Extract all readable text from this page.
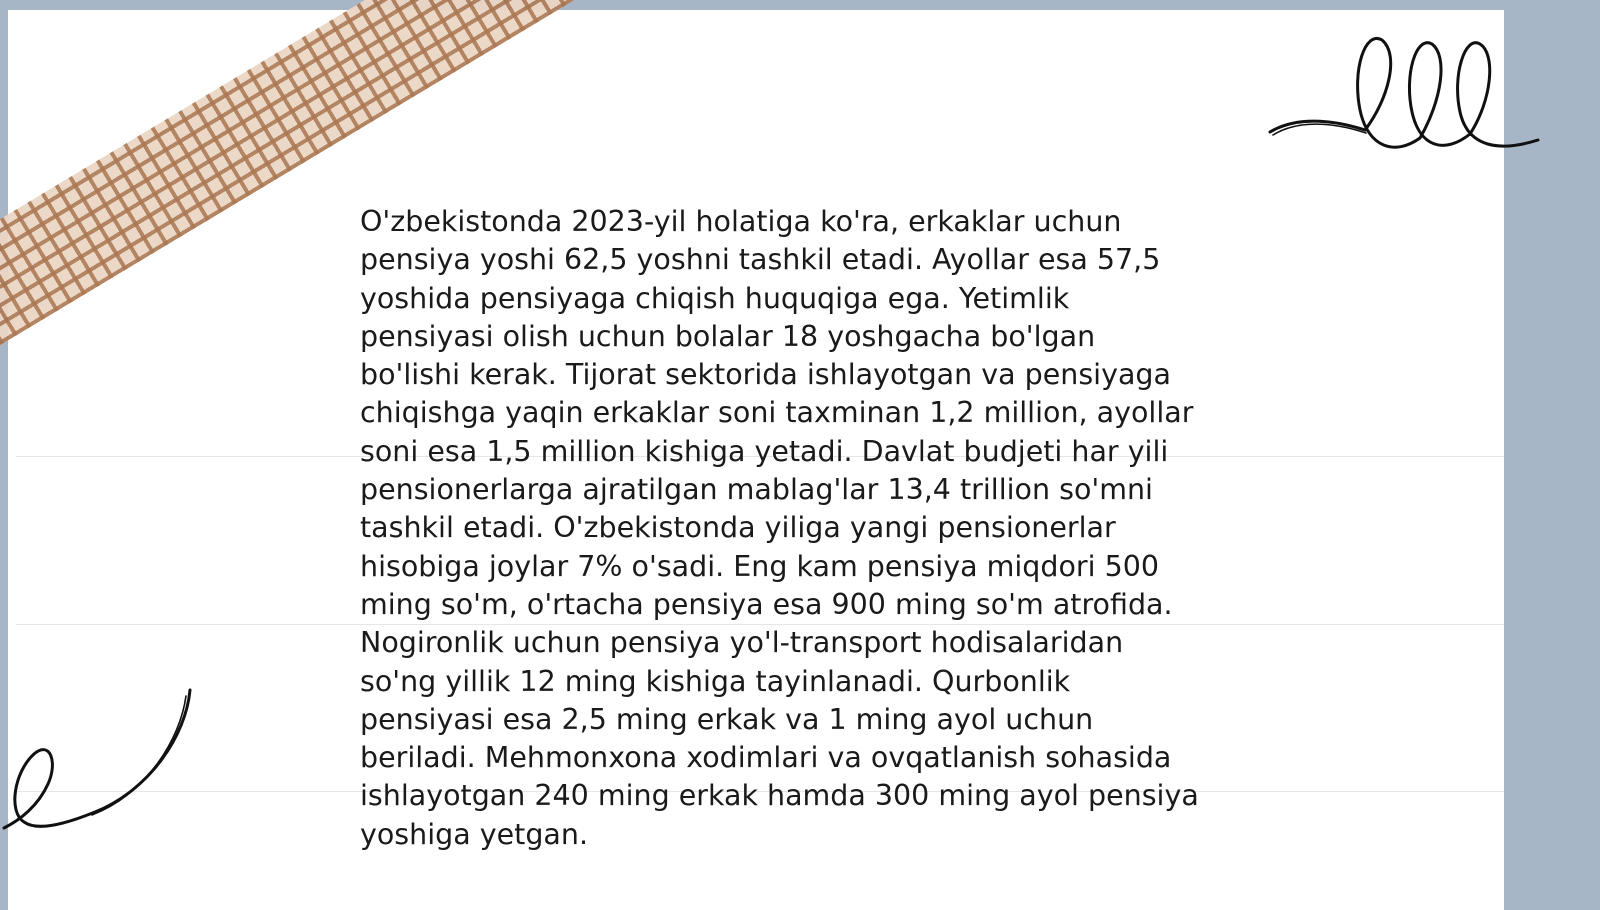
O'zbekistonda 2023-yil holatiga ko'ra, erkaklar uchun
pensiya yoshi 62,5 yoshni tashkil etadi. Ayollar esa 57,5
yoshida pensiyaga chiqish huquqiga ega. Yetimlik
pensiyasi olish uchun bolalar 18 yoshgacha bo'lgan
bo'lishi kerak. Tijorat sektorida ishlayotgan va pensiyaga
chiqishga yaqin erkaklar soni taxminan 1,2 million, ayollar
soni esa 1,5 million kishiga yetadi. Davlat budjeti har yili
pensionerlarga ajratilgan mablag'lar 13,4 trillion so'mni
tashkil etadi. O'zbekistonda yiliga yangi pensionerlar
hisobiga joylar 7% o'sadi. Eng kam pensiya miqdori 500
ming so'm, o'rtacha pensiya esa 900 ming so'm atrofida.
Nogironlik uchun pensiya yo'l-transport hodisalaridan
so'ng yillik 12 ming kishiga tayinlanadi. Qurbonlik
pensiyasi esa 2,5 ming erkak va 1 ming ayol uchun
beriladi. Mehmonxona xodimlari va ovqatlanish sohasida
ishlayotgan 240 ming erkak hamda 300 ming ayol pensiya
yoshiga yetgan.
